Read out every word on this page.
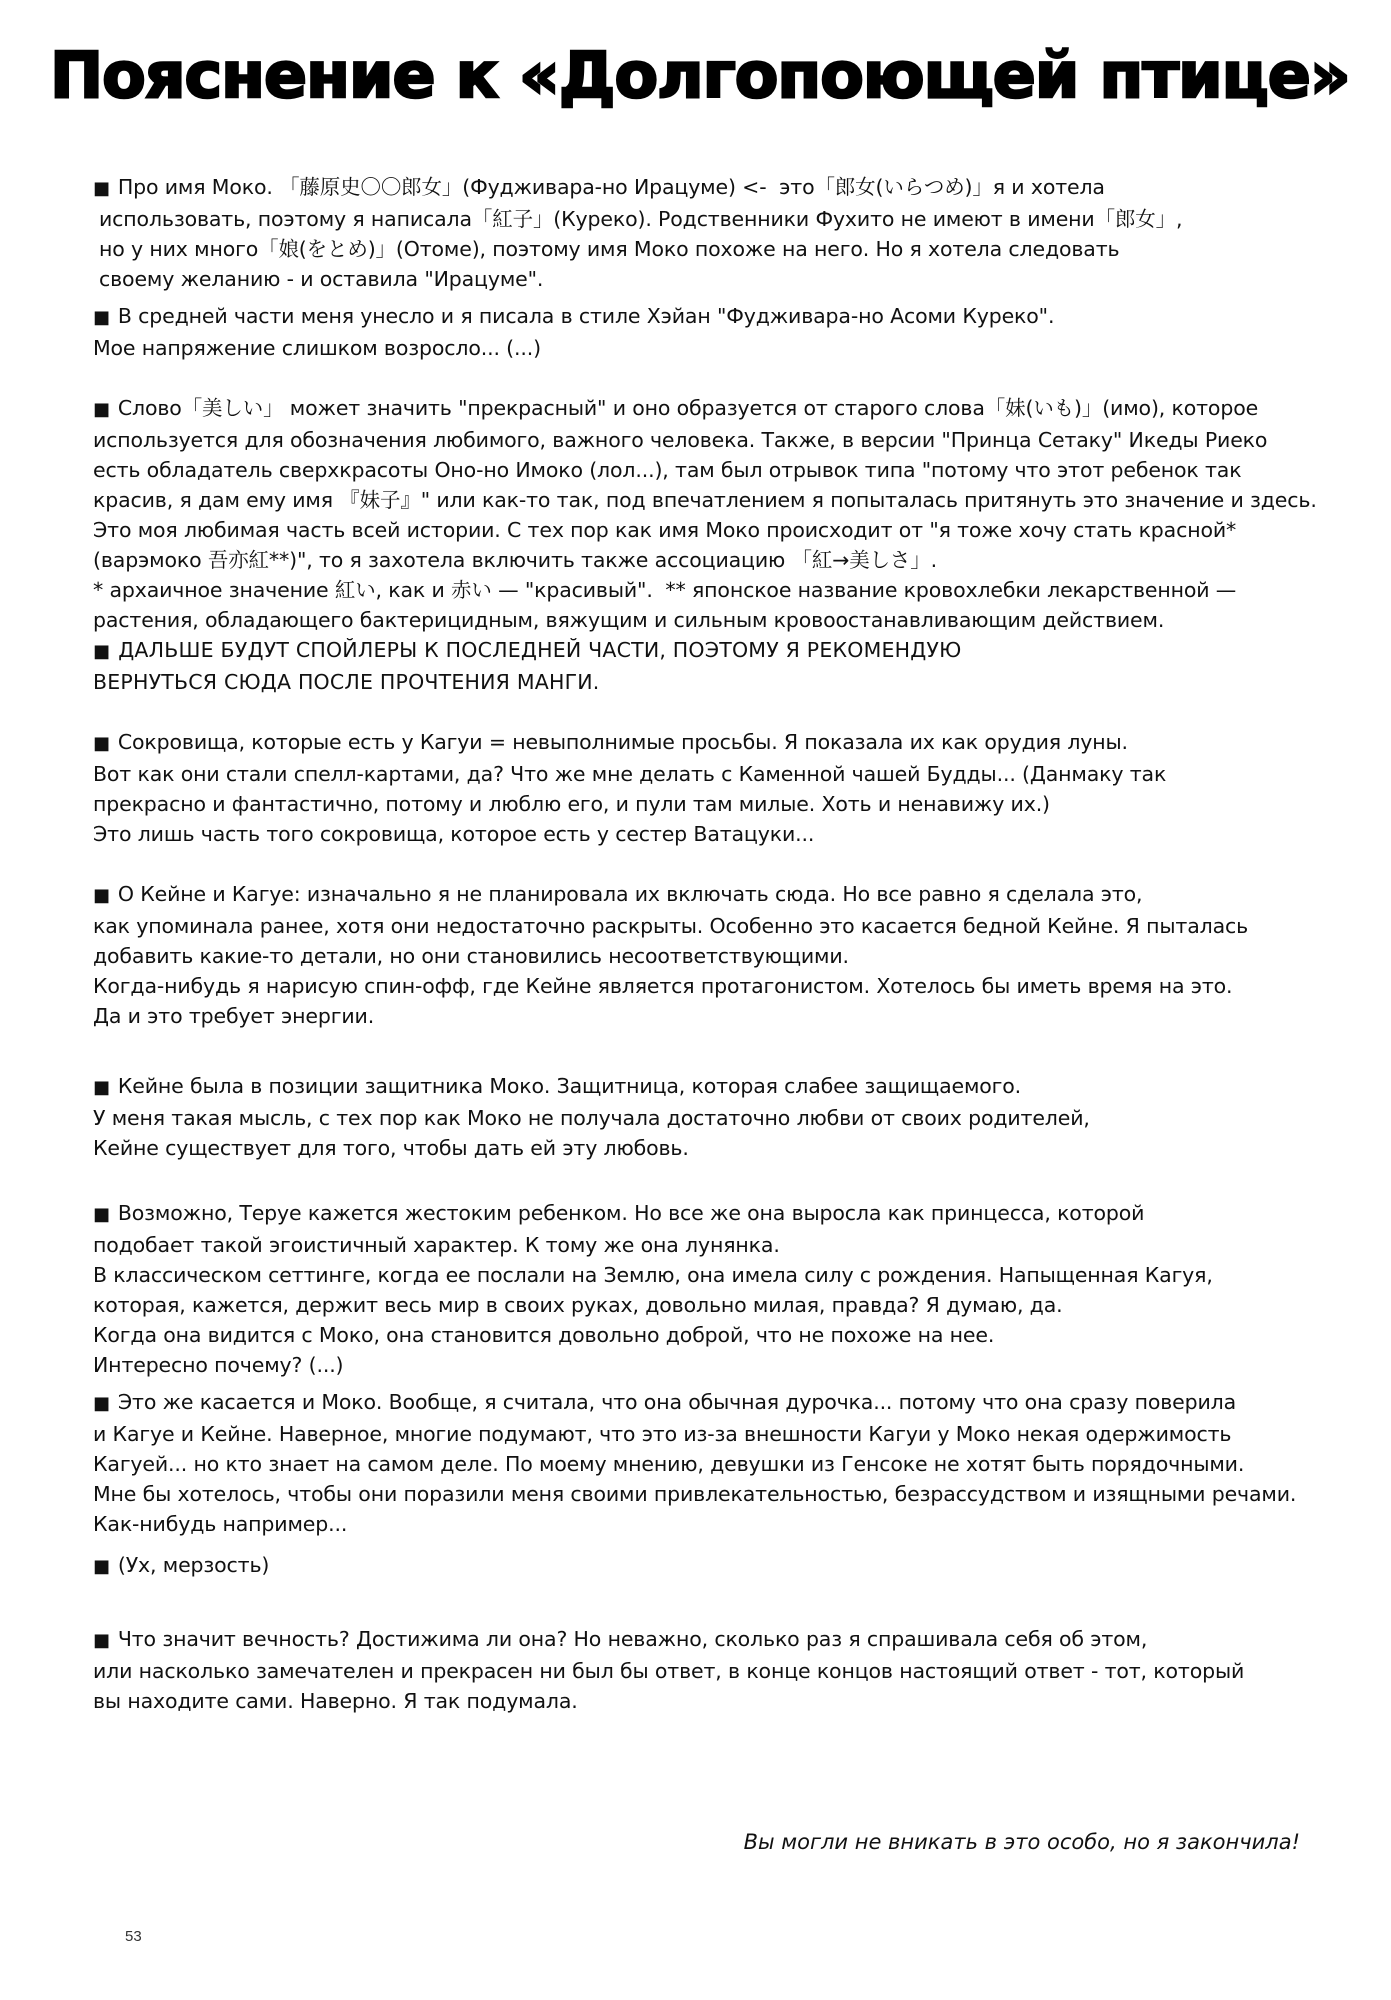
Пояснение к «Долгопоющей птице»
■ Про имя Моко. 「藤原史〇〇郎女」(Фудживара-но Ирацуме) <-  это「郎女(いらつめ)」я и хотела
использовать, поэтому я написала「紅子」(Куреко). Родственники Фухито не имеют в имени「郎女」,
но у них много「娘(をとめ)」(Отоме), поэтому имя Моко похоже на него. Но я хотела следовать
своему желанию - и оставила "Ирацуме".
■ В средней части меня унесло и я писала в стиле Хэйан "Фудживара-но Асоми Куреко".
Мое напряжение слишком возросло... (...)
■ Слово「美しい」 может значить "прекрасный" и оно образуется от старого слова「妹(いも)」(имо), которое
используется для обозначения любимого, важного человека. Также, в версии "Принца Сетаку" Икеды Риеко
есть обладатель сверхкрасоты Оно-но Имоко (лол...), там был отрывок типа "потому что этот ребенок так
красив, я дам ему имя 『妹子』" или как-то так, под впечатлением я попыталась притянуть это значение и здесь.
Это моя любимая часть всей истории. С тех пор как имя Моко происходит от "я тоже хочу стать красной*
(варэмоко 吾亦紅**)", то я захотела включить также ассоциацию 「紅→美しさ」.
* архаичное значение 紅い, как и 赤い — "красивый".  ** японское название кровохлебки лекарственной —
растения, обладающего бактерицидным, вяжущим и сильным кровоостанавливающим действием.
■ ДАЛЬШЕ БУДУТ СПОЙЛЕРЫ К ПОСЛЕДНЕЙ ЧАСТИ, ПОЭТОМУ Я РЕКОМЕНДУЮ
ВЕРНУТЬСЯ СЮДА ПОСЛЕ ПРОЧТЕНИЯ МАНГИ.
■ Сокровища, которые есть у Кагуи = невыполнимые просьбы. Я показала их как орудия луны.
Вот как они стали спелл-картами, да? Что же мне делать с Каменной чашей Будды... (Данмаку так
прекрасно и фантастично, потому и люблю его, и пули там милые. Хоть и ненавижу их.)
Это лишь часть того сокровища, которое есть у сестер Ватацуки...
■ О Кейне и Кагуе: изначально я не планировала их включать сюда. Но все равно я сделала это,
как упоминала ранее, хотя они недостаточно раскрыты. Особенно это касается бедной Кейне. Я пыталась
добавить какие-то детали, но они становились несоответствующими.
Когда-нибудь я нарисую спин-офф, где Кейне является протагонистом. Хотелось бы иметь время на это.
Да и это требует энергии.
■ Кейне была в позиции защитника Моко. Защитница, которая слабее защищаемого.
У меня такая мысль, с тех пор как Моко не получала достаточно любви от своих родителей,
Кейне существует для того, чтобы дать ей эту любовь.
■ Возможно, Теруе кажется жестоким ребенком. Но все же она выросла как принцесса, которой
подобает такой эгоистичный характер. К тому же она лунянка.
В классическом сеттинге, когда ее послали на Землю, она имела силу с рождения. Напыщенная Кагуя,
которая, кажется, держит весь мир в своих руках, довольно милая, правда? Я думаю, да.
Когда она видится с Моко, она становится довольно доброй, что не похоже на нее.
Интересно почему? (...)
■ Это же касается и Моко. Вообще, я считала, что она обычная дурочка... потому что она сразу поверила
и Кагуе и Кейне. Наверное, многие подумают, что это из-за внешности Кагуи у Моко некая одержимость
Кагуей... но кто знает на самом деле. По моему мнению, девушки из Генсоке не хотят быть порядочными.
Мне бы хотелось, чтобы они поразили меня своими привлекательностью, безрассудством и изящными речами.
Как-нибудь например...
■ (Ух, мерзость)
■ Что значит вечность? Достижима ли она? Но неважно, сколько раз я спрашивала себя об этом,
или насколько замечателен и прекрасен ни был бы ответ, в конце концов настоящий ответ - тот, который
вы находите сами. Наверно. Я так подумала.
Вы могли не вникать в это особо, но я закончила!
53
